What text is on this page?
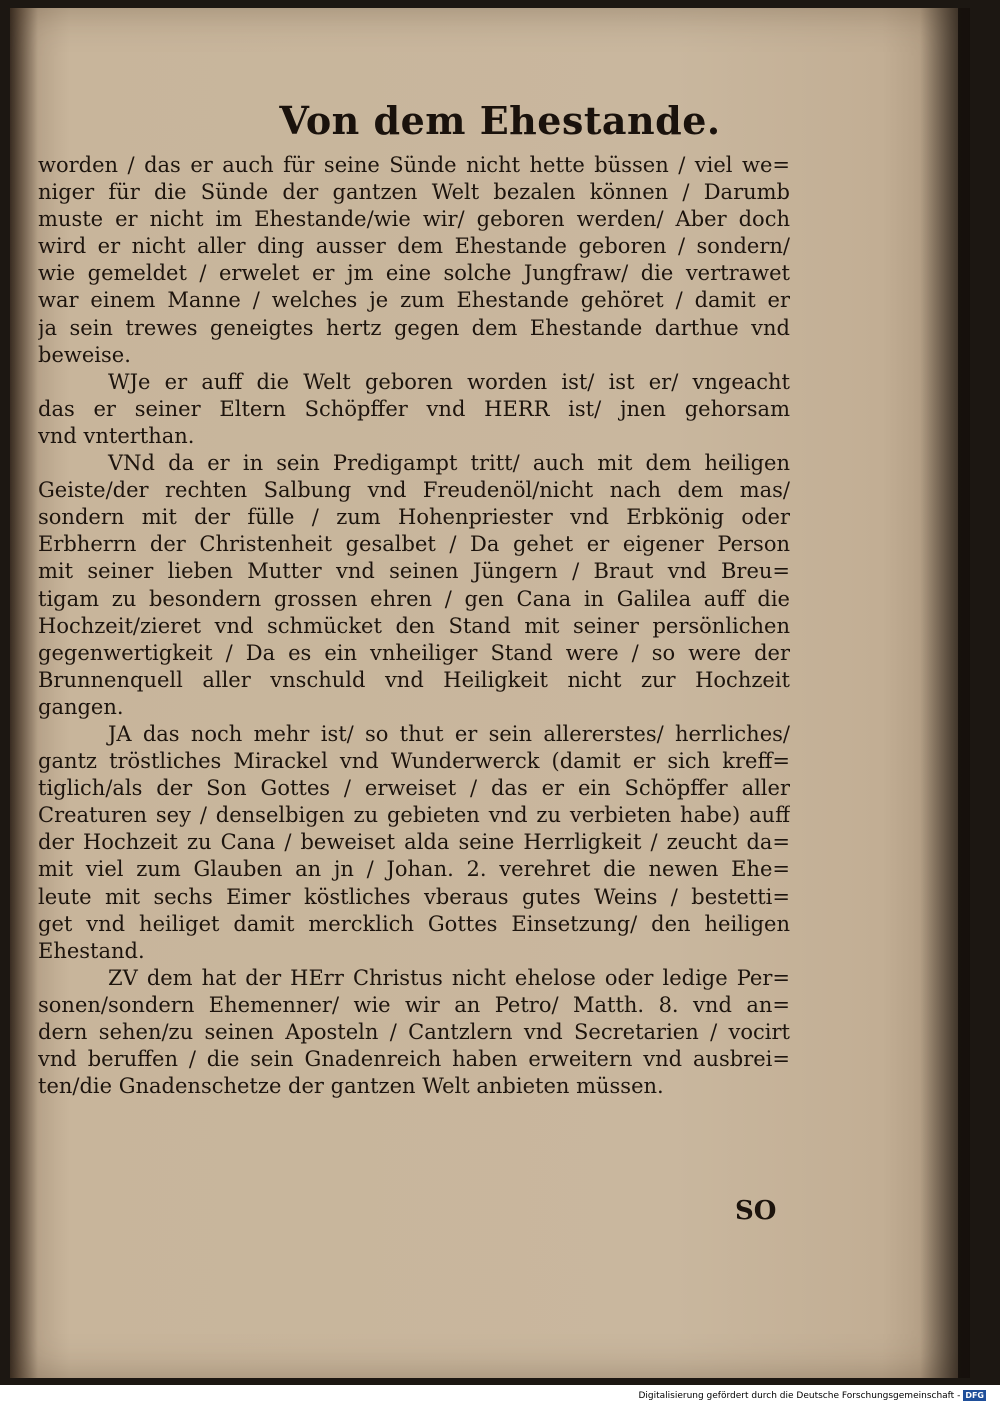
Von dem Ehestande.
worden / das er auch für seine Sünde nicht hette büssen / viel we=
niger für die Sünde der gantzen Welt bezalen können / Darumb
muste er nicht im Ehestande/wie wir/ geboren werden/ Aber doch
wird er nicht aller ding ausser dem Ehestande geboren / sondern/
wie gemeldet / erwelet er jm eine solche Jungfraw/ die vertrawet
war einem Manne / welches je zum Ehestande gehöret / damit er
ja sein trewes geneigtes hertz gegen dem Ehestande darthue vnd
beweise.
WJe er auff die Welt geboren worden ist/ ist er/ vngeacht
das er seiner Eltern Schöpffer vnd HERR ist/ jnen gehorsam
vnd vnterthan.
VNd da er in sein Predigampt tritt/ auch mit dem heiligen
Geiste/der rechten Salbung vnd Freudenöl/nicht nach dem mas/
sondern mit der fülle / zum Hohenpriester vnd Erbkönig oder
Erbherrn der Christenheit gesalbet / Da gehet er eigener Person
mit seiner lieben Mutter vnd seinen Jüngern / Braut vnd Breu=
tigam zu besondern grossen ehren / gen Cana in Galilea auff die
Hochzeit/zieret vnd schmücket den Stand mit seiner persönlichen
gegenwertigkeit / Da es ein vnheiliger Stand were / so were der
Brunnenquell aller vnschuld vnd Heiligkeit nicht zur Hochzeit
gangen.
JA das noch mehr ist/ so thut er sein allererstes/ herrliches/
gantz tröstliches Mirackel vnd Wunderwerck (damit er sich kreff=
tiglich/als der Son Gottes / erweiset / das er ein Schöpffer aller
Creaturen sey / denselbigen zu gebieten vnd zu verbieten habe) auff
der Hochzeit zu Cana / beweiset alda seine Herrligkeit / zeucht da=
mit viel zum Glauben an jn / Johan. 2. verehret die newen Ehe=
leute mit sechs Eimer köstliches vberaus gutes Weins / bestetti=
get vnd heiliget damit mercklich Gottes Einsetzung/ den heiligen
Ehestand.
ZV dem hat der HErr Christus nicht ehelose oder ledige Per=
sonen/sondern Ehemenner/ wie wir an Petro/ Matth. 8. vnd an=
dern sehen/zu seinen Aposteln / Cantzlern vnd Secretarien / vocirt
vnd beruffen / die sein Gnadenreich haben erweitern vnd ausbrei=
ten/die Gnadenschetze der gantzen Welt anbieten müssen.
SO
Digitalisierung gefördert durch die Deutsche Forschungsgemeinschaft - DFG
